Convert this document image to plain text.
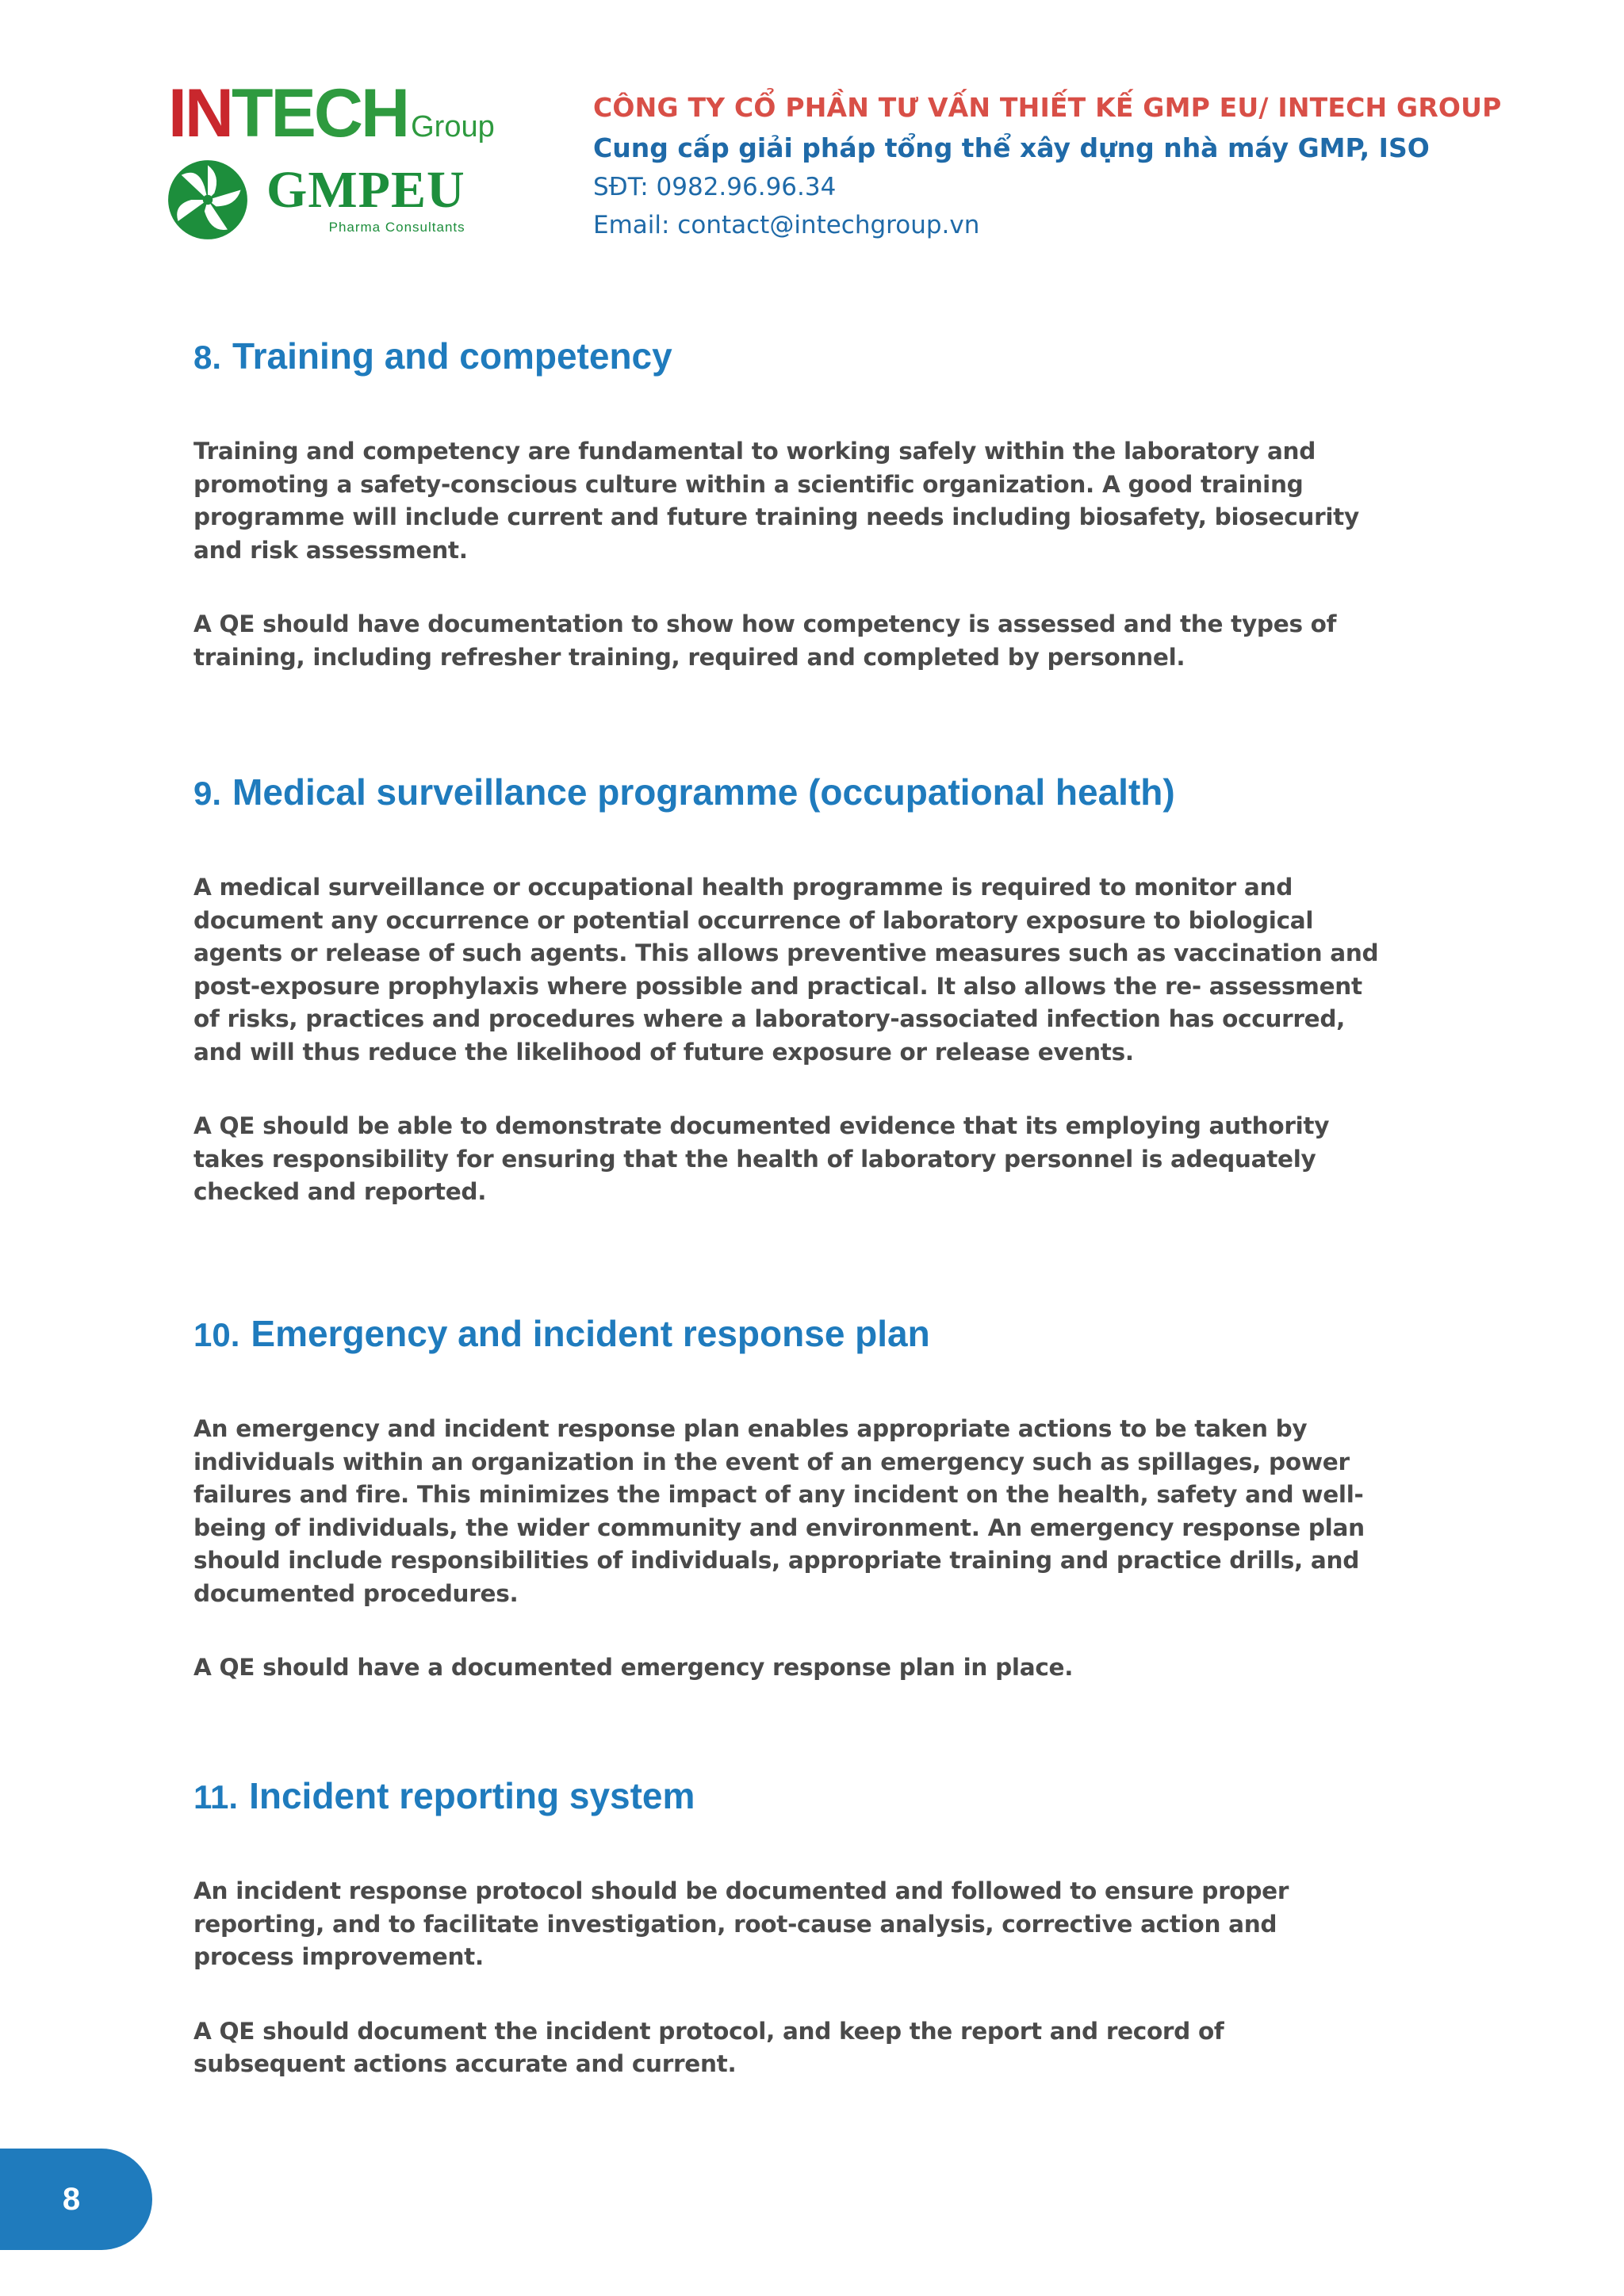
INTECH Group
GMPEU
Pharma Consultants
CÔNG TY CỔ PHẦN TƯ VẤN THIẾT KẾ GMP EU/ INTECH GROUP
Cung cấp giải pháp tổng thể xây dựng nhà máy GMP, ISO
SĐT: 0982.96.96.34
Email: contact@intechgroup.vn
8. Training and competency

Training and competency are fundamental to working safely within the laboratory and promoting a safety-conscious culture within a scientific organization. A good training programme will include current and future training needs including biosafety, biosecurity and risk assessment.

A QE should have documentation to show how competency is assessed and the types of training, including refresher training, required and completed by personnel.

9. Medical surveillance programme (occupational health)

A medical surveillance or occupational health programme is required to monitor and document any occurrence or potential occurrence of laboratory exposure to biological agents or release of such agents. This allows preventive measures such as vaccination and post-exposure prophylaxis where possible and practical. It also allows the re- assessment of risks, practices and procedures where a laboratory-associated infection has occurred, and will thus reduce the likelihood of future exposure or release events.

A QE should be able to demonstrate documented evidence that its employing authority takes responsibility for ensuring that the health of laboratory personnel is adequately checked and reported.

10. Emergency and incident response plan

An emergency and incident response plan enables appropriate actions to be taken by individuals within an organization in the event of an emergency such as spillages, power failures and fire. This minimizes the impact of any incident on the health, safety and well-being of individuals, the wider community and environment. An emergency response plan should include responsibilities of individuals, appropriate training and practice drills, and documented procedures.

A QE should have a documented emergency response plan in place.

11. Incident reporting system

An incident response protocol should be documented and followed to ensure proper reporting, and to facilitate investigation, root-cause analysis, corrective action and process improvement.

A QE should document the incident protocol, and keep the report and record of subsequent actions accurate and current.

8
